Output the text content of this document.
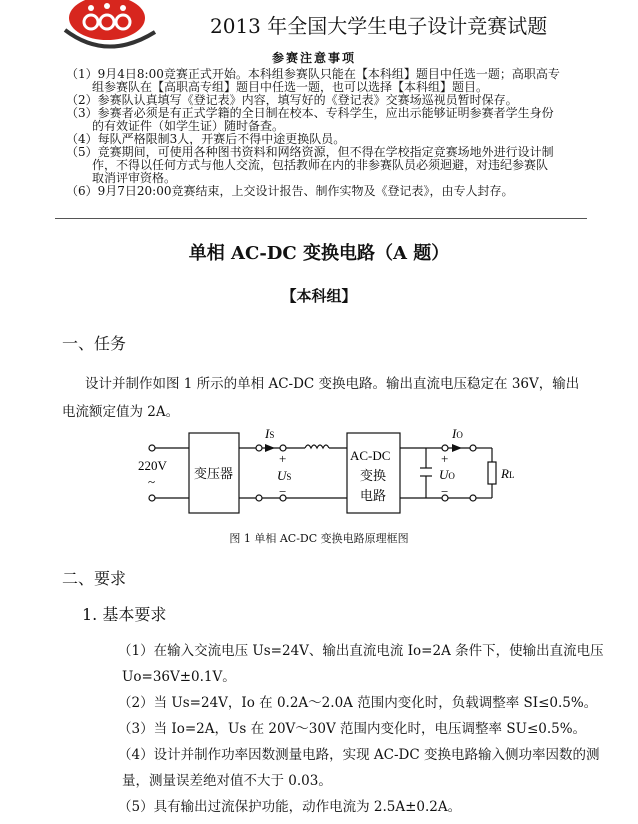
2013 年全国大学生电子设计竞赛试题
参赛注意事项
（1）9月4日8:00竞赛正式开始。本科组参赛队只能在【本科组】题目中任选一题；高职高专
组参赛队在【高职高专组】题目中任选一题，也可以选择【本科组】题目。
（2）参赛队认真填写《登记表》内容，填写好的《登记表》交赛场巡视员暂时保存。
（3）参赛者必须是有正式学籍的全日制在校本、专科学生，应出示能够证明参赛者学生身份
的有效证件（如学生证）随时备查。
（4）每队严格限制3人，开赛后不得中途更换队员。
（5）竞赛期间，可使用各种图书资料和网络资源，但不得在学校指定竞赛场地外进行设计制
作，不得以任何方式与他人交流，包括教师在内的非参赛队员必须迴避，对违纪参赛队
取消评审资格。
（6）9月7日20:00竞赛结束，上交设计报告、制作实物及《登记表》，由专人封存。
单相 AC-DC 变换电路（A 题）
【本科组】
一、任务
设计并制作如图 1 所示的单相 AC-DC 变换电路。输出直流电压稳定在 36V，输出
电流额定值为 2A。
220V
~
变压器
IS
+
US
−
AC-DC
变换
电路
IO
+
UO
−
RL
图 1 单相 AC-DC 变换电路原理框图
二、要求
1. 基本要求
（1）在输入交流电压 Us=24V、输出直流电流 Io=2A 条件下，使输出直流电压
Uo=36V±0.1V。
（2）当 Us=24V，Io 在 0.2A～2.0A 范围内变化时，负载调整率 SI≤0.5%。
（3）当 Io=2A，Us 在 20V～30V 范围内变化时，电压调整率 SU≤0.5%。
（4）设计并制作功率因数测量电路，实现 AC-DC 变换电路输入侧功率因数的测
量，测量误差绝对值不大于 0.03。
（5）具有输出过流保护功能，动作电流为 2.5A±0.2A。
